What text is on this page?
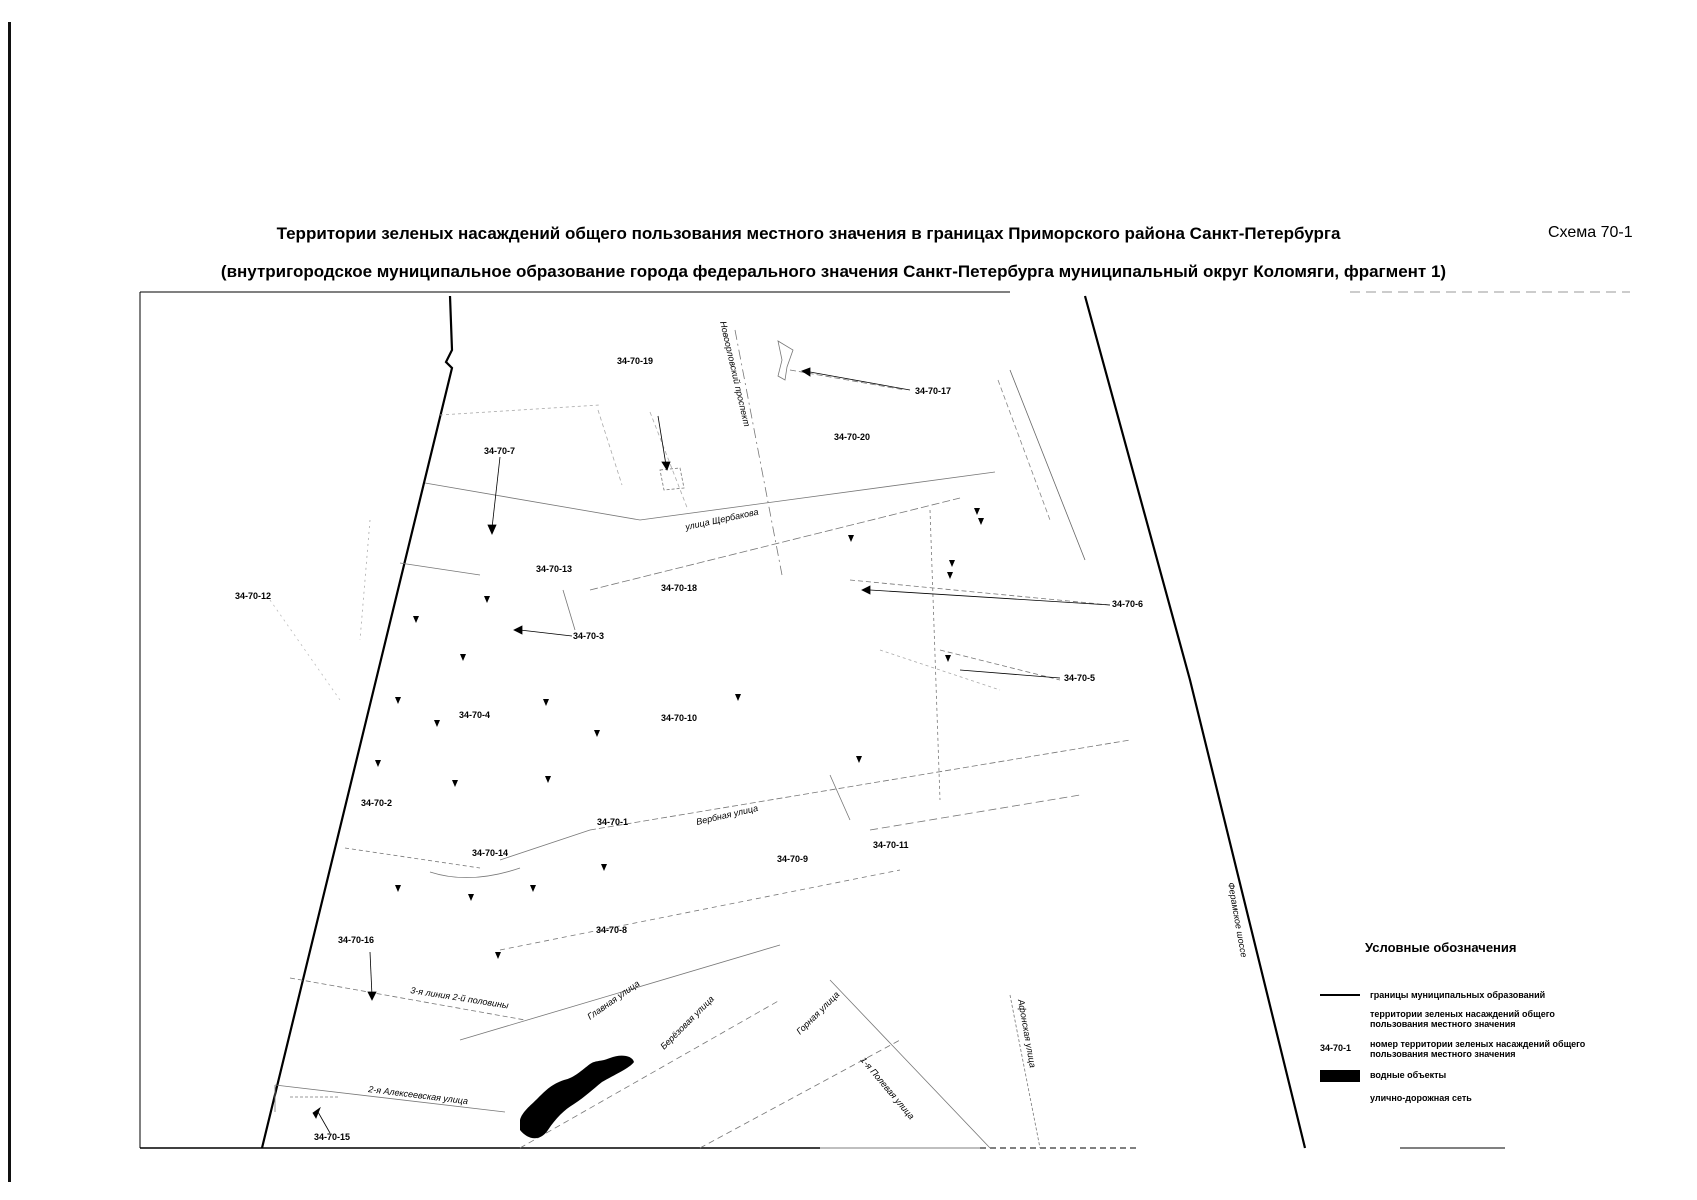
Территории зеленых насаждений общего пользования местного значения в границах Приморского района Санкт-Петербурга	Схема 70-1
(внутригородское муниципальное образование города федерального значения Санкт-Петербурга муниципальный округ Коломяги, фрагмент 1)
34-70-19
34-70-17
34-70-20
34-70-7
34-70-13
34-70-18
34-70-12
34-70-3
34-70-6
34-70-5
34-70-4	34-70-10
34-70-2
34-70-1
34-70-14
34-70-9
34-70-11
34-70-8
34-70-16
34-70-15
Новоорловский проспект
улица Щербакова
Вербная улица
Ферамское шоссе
3-я линия 2-й половины	Главная улица Берёзовая улица	Горная улица	Афонская улица
1-я Полевая улица
2-я Алексеевская улица
Условные обозначения
границы муниципальных образований
территории зеленых насаждений общего пользования местного значения
34-70-1	номер территории зеленых насаждений общего пользования местного значения
водные объекты
улично-дорожная сеть
